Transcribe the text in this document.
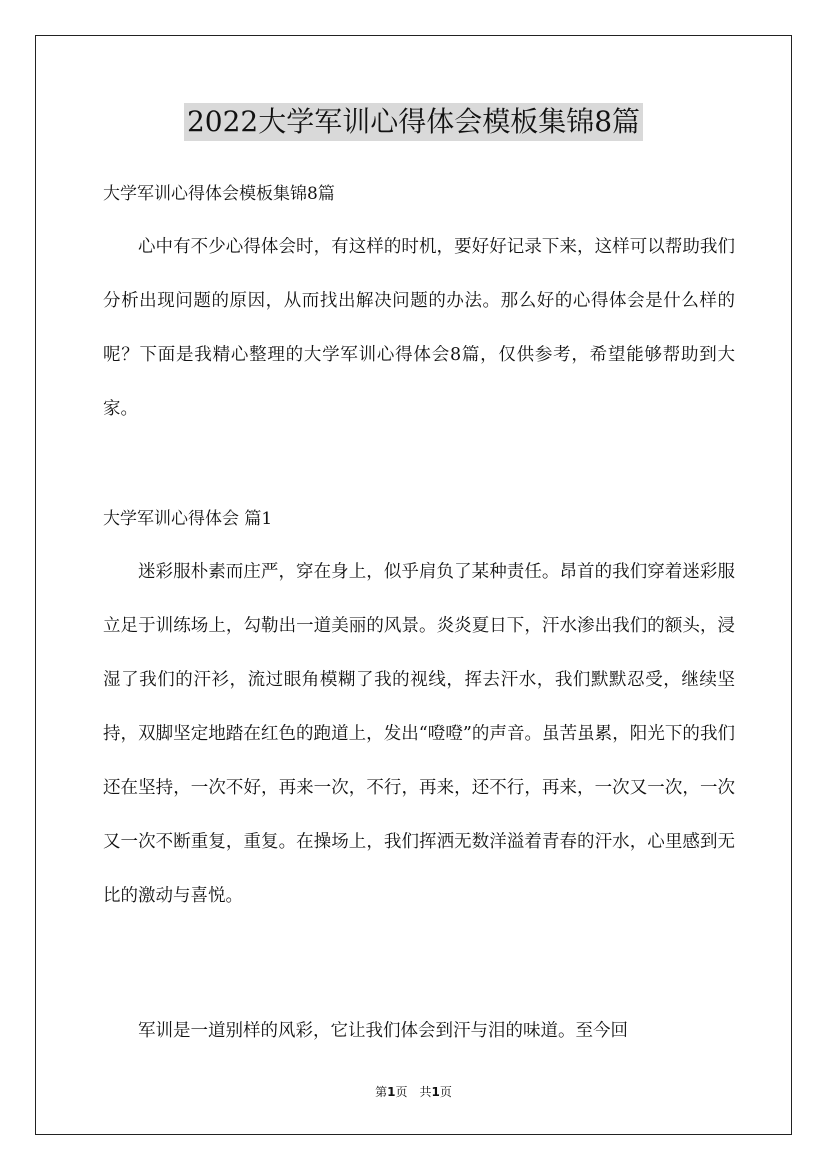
2022大学军训心得体会模板集锦8篇
大学军训心得体会模板集锦8篇

心中有不少心得体会时，有这样的时机，要好好记录下来，这样可以帮助我们分析出现问题的原因，从而找出解决问题的办法。那么好的心得体会是什么样的呢？下面是我精心整理的大学军训心得体会8篇，仅供参考，希望能够帮助到大家。

大学军训心得体会 篇1

迷彩服朴素而庄严，穿在身上，似乎肩负了某种责任。昂首的我们穿着迷彩服立足于训练场上，勾勒出一道美丽的风景。炎炎夏日下，汗水渗出我们的额头，浸湿了我们的汗衫，流过眼角模糊了我的视线，挥去汗水，我们默默忍受，继续坚持，双脚坚定地踏在红色的跑道上，发出“噔噔”的声音。虽苦虽累，阳光下的我们还在坚持，一次不好，再来一次，不行，再来，还不行，再来，一次又一次，一次又一次不断重复，重复。在操场上，我们挥洒无数洋溢着青春的汗水，心里感到无比的激动与喜悦。

军训是一道别样的风彩，它让我们体会到汗与泪的味道。至今回

第1页　共1页
